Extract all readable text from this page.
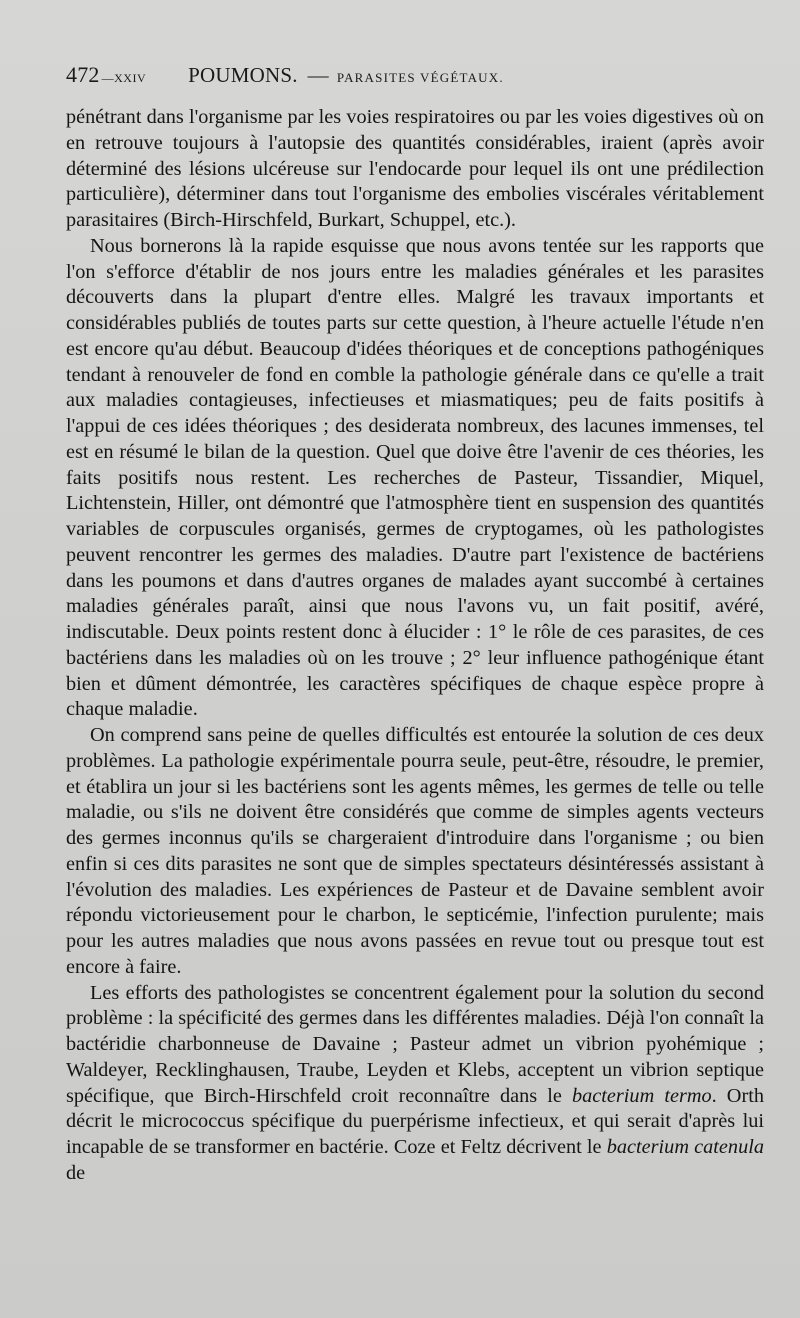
472 —XXIV POUMONS. — PARASITES VÉGÉTAUX.

pénétrant dans l'organisme par les voies respiratoires ou par les voies digestives où on en retrouve toujours à l'autopsie des quantités considérables, iraient (après avoir déterminé des lésions ulcéreuse sur l'endocarde pour lequel ils ont une prédilection particulière), déterminer dans tout l'organisme des embolies viscérales véritablement parasitaires (Birch-Hirschfeld, Burkart, Schuppel, etc.).

Nous bornerons là la rapide esquisse que nous avons tentée sur les rapports que l'on s'efforce d'établir de nos jours entre les maladies générales et les parasites découverts dans la plupart d'entre elles. Malgré les travaux importants et considérables publiés de toutes parts sur cette question, à l'heure actuelle l'étude n'en est encore qu'au début. Beaucoup d'idées théoriques et de conceptions pathogéniques tendant à renouveler de fond en comble la pathologie générale dans ce qu'elle a trait aux maladies contagieuses, infectieuses et miasmatiques; peu de faits positifs à l'appui de ces idées théoriques ; des desiderata nombreux, des lacunes immenses, tel est en résumé le bilan de la question. Quel que doive être l'avenir de ces théories, les faits positifs nous restent. Les recherches de Pasteur, Tissandier, Miquel, Lichtenstein, Hiller, ont démontré que l'atmosphère tient en suspension des quantités variables de corpuscules organisés, germes de cryptogames, où les pathologistes peuvent rencontrer les germes des maladies. D'autre part l'existence de bactériens dans les poumons et dans d'autres organes de malades ayant succombé à certaines maladies générales paraît, ainsi que nous l'avons vu, un fait positif, avéré, indiscutable. Deux points restent donc à élucider : 1° le rôle de ces parasites, de ces bactériens dans les maladies où on les trouve ; 2° leur influence pathogénique étant bien et dûment démontrée, les caractères spécifiques de chaque espèce propre à chaque maladie.

On comprend sans peine de quelles difficultés est entourée la solution de ces deux problèmes. La pathologie expérimentale pourra seule, peut-être, résoudre, le premier, et établira un jour si les bactériens sont les agents mêmes, les germes de telle ou telle maladie, ou s'ils ne doivent être considérés que comme de simples agents vecteurs des germes inconnus qu'ils se chargeraient d'introduire dans l'organisme ; ou bien enfin si ces dits parasites ne sont que de simples spectateurs désintéressés assistant à l'évolution des maladies. Les expériences de Pasteur et de Davaine semblent avoir répondu victorieusement pour le charbon, le septicémie, l'infection purulente; mais pour les autres maladies que nous avons passées en revue tout ou presque tout est encore à faire.

Les efforts des pathologistes se concentrent également pour la solution du second problème : la spécificité des germes dans les différentes maladies. Déjà l'on connaît la bactéridie charbonneuse de Davaine ; Pasteur admet un vibrion pyohémique ; Waldeyer, Recklinghausen, Traube, Leyden et Klebs, acceptent un vibrion septique spécifique, que Birch-Hirschfeld croit reconnaître dans le bacterium termo. Orth décrit le micrococcus spécifique du puerpérisme infectieux, et qui serait d'après lui incapable de se transformer en bactérie. Coze et Feltz décrivent le bacterium catenula de
